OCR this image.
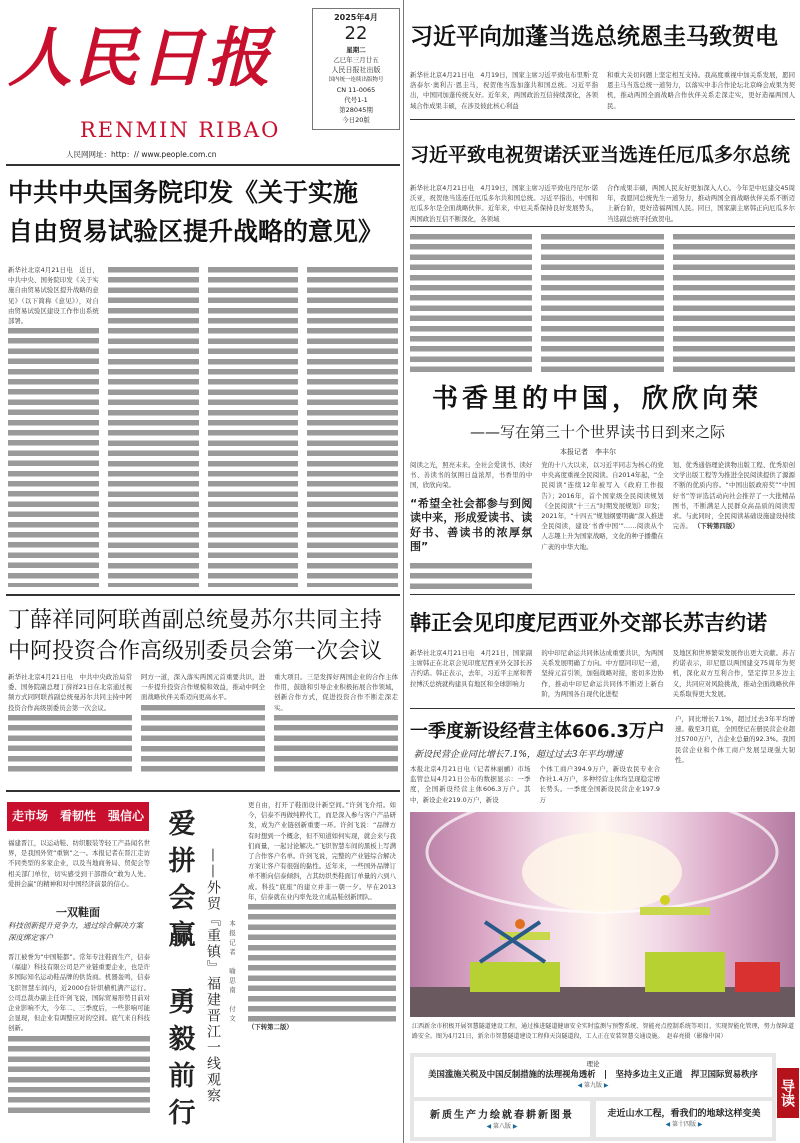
人民日报
RENMIN RIBAO
人民网网址：http：// www.people.com.cn
2025年4月
22
星期二
乙巳年三月廿五
人民日报社出版
国内统一连续出版物号
CN 11-0065
代号1-1
第28045期
今日20版
习近平向加蓬当选总统恩圭马致贺电
新华社北京4月21日电　4月19日，国家主席习近平致电布里斯·克洛泰尔·奥利吉·恩圭马，祝贺他当选加蓬共和国总统。习近平指出，中国同加蓬传统友好。近年来，两国政治互信持续深化，各领域合作成果丰硕，在涉及彼此核心利益
和重大关切问题上坚定相互支持。我高度重视中加关系发展，愿同恩圭马当选总统一道努力，以落实中非合作论坛北京峰会成果为契机，推动两国全面战略合作伙伴关系走深走实，更好造福两国人民。
习近平致电祝贺诺沃亚当选连任厄瓜多尔总统
新华社北京4月21日电　4月19日，国家主席习近平致电丹尼尔·诺沃亚，祝贺他当选连任厄瓜多尔共和国总统。习近平指出，中国和厄瓜多尔是全面战略伙伴。近年来，中厄关系保持良好发展势头，两国政治互信不断深化，各领域
合作成果丰硕，两国人民友好更加深入人心。今年是中厄建交45周年，我愿同总统先生一道努力，推动两国全面战略伙伴关系不断迈上新台阶，更好造福两国人民。同日，国家副主席韩正向厄瓜多尔当选副总统平托致贺电。
中共中央国务院印发《关于实施
自由贸易试验区提升战略的意见》
新华社北京4月21日电　近日，中共中央、国务院印发《关于实施自由贸易试验区提升战略的意见》（以下简称《意见》），对自由贸易试验区建设工作作出系统部署。
书香里的中国，欣欣向荣
——写在第三十个世界读书日到来之际
本报记者　李丰尔
阅读之光，照亮未来。全社会爱读书、读好书、善读书的氛围日益浓厚，书香里的中国，欣欣向荣。
“希望全社会都参与到阅读中来，形成爱读书、读好书、善读书的浓厚氛围”
党的十八大以来，以习近平同志为核心的党中央高度重视全民阅读。自2014年起，“全民阅读”连续12年被写入《政府工作报告》；2016年，首个国家级全民阅读规划《全民阅读“十三五”时期发展规划》印发；2021年，“十四五”规划纲要明确“深入推进全民阅读，建设‘书香中国’”……阅读从个人志趣上升为国家战略，文化的种子播撒在广袤的中华大地。
划、优秀通俗理论读物出版工程、优秀原创文学出版工程等为推进全民阅读提供了源源不断的优质内容。“中国出版政府奖”“中国好书”等评选活动向社会推荐了一大批精品图书，不断满足人民群众高品质的阅读需求。与此同时，全民阅读基础设施建设持续完善。 （下转第四版）
丁薛祥同阿联酋副总统曼苏尔共同主持
中阿投资合作高级别委员会第一次会议
新华社北京4月21日电　中共中央政治局常委、国务院副总理丁薛祥21日在北京通过视频方式同阿联酋副总统曼苏尔共同主持中阿投资合作高级别委员会第一次会议。
阿方一道，深入落实两国元首重要共识，进一步提升投资合作规模和效益，推动中阿全面战略伙伴关系迈向更高水平。
重大项目。三是发挥好两国企业的合作主体作用，鼓励和引导企业积极拓展合作领域，创新合作方式，促进投资合作不断走深走实。
韩正会见印度尼西亚外交部长苏吉约诺
新华社北京4月21日电　4月21日，国家副主席韩正在北京会见印度尼西亚外交部长苏吉约诺。韩正表示，去年，习近平主席和普拉博沃总统就构建具有地区和全球影响力
的中印尼命运共同体达成重要共识，为两国关系发展明确了方向。中方愿同印尼一道，坚持元首引领，加强战略对接，密切多边协作，推动中印尼命运共同体不断迈上新台阶，为两国各自现代化进程
及地区和世界繁荣发展作出更大贡献。苏吉约诺表示，印尼愿以两国建交75周年为契机，深化双方互利合作，坚定捍卫多边主义，共同应对风险挑战，推动全面战略伙伴关系取得更大发展。
走市场　看韧性　强信心
福建晋江，以运动鞋、纺织服装等轻工产品闻名世界，是我国外贸“重镇”之一。本报记者在晋江走访不同类型的多家企业，以及当地商务局、贸促会等相关部门单位，切实感受到干部群众“敢为人先、爱拼会赢”的精神和对中国经济前景的信心。
一双鞋面
科技创新提升竞争力，通过综合解决方案深度绑定客户
晋江被誉为“中国鞋都”。常年专注鞋面生产，信泰（福建）科技有限公司是产业链重要企业，也是许多国际知名运动鞋品牌的供货商。机器轰鸣，信泰飞织智慧车间内，近2000台针织横机满产运行。公司总裁办副主任许剑飞说，国际贸易形势目前对企业影响不大，今年二、三季度后，一些影响可能会显现，但企业有调整应对的空间。底气来自科技创新。
爱
拼
会
赢
勇
毅
前
行
——外贸『重镇』福建晋江一线观察	本报记者　喻思南　付文
更自由，打开了鞋面设计新空间。”许剑飞介绍。如今，信泰不再做纯粹代工，而是深入参与客户产品研发，成为产业链创新重要一环。许剑飞说：“品牌方有时想到一个概念，但不知道如何实现，就会来与我们商量，一起讨论解决。”飞织智慧车间的黑板上写满了合作客户名单。许剑飞说，完整的产业链综合解决方案让客户有很强的黏性。近年来，一些国外品牌订单不断向信泰倾斜，占其纺织类鞋面订单量的六到八成。科技“底座”的建立并非一朝一夕。早在2013年，信泰就在业内率先设立成品鞋创新团队。
（下转第二版）
一季度新设经营主体606.3万户
新设民营企业同比增长7.1%，超过过去3年平均增速
本报北京4月21日电（记者林丽鹂）市场监管总局4月21日公布的数据显示：一季度，全国新设经营主体606.3万户。其中，新设企业219.0万户，新设
个体工商户394.9万户，新设农民专业合作社1.4万户，多种经营主体均呈现稳定增长势头。一季度全国新设民营企业197.9万
户，同比增长7.1%，超过过去3年平均增速。截至3月底，全国登记在册民营企业超过5700万户，占企业总量的92.3%。我国民营企业和个体工商户发展呈现强大韧性。
江西新余市积极开展智慧隧道建设工程，通过推进隧道健康安全实时监测与预警系统、智能亮点控制系统等项目，实现智能化管理，努力保障道路安全。图为4月21日，新余市智慧隧道建设工程仰天岗隧道段，工人正在安装智慧交通设施。　赵春亮摄（影像中国）
理论
美国滥施关税及中国反制措施的法理视角透析　|　坚持多边主义正道　捍卫国际贸易秩序
◀ 第九版 ▶
新质生产力绘就春耕新图景
◀ 第八版 ▶
走近山水工程，看我们的地球这样变美
◀ 第十四版 ▶
导读
